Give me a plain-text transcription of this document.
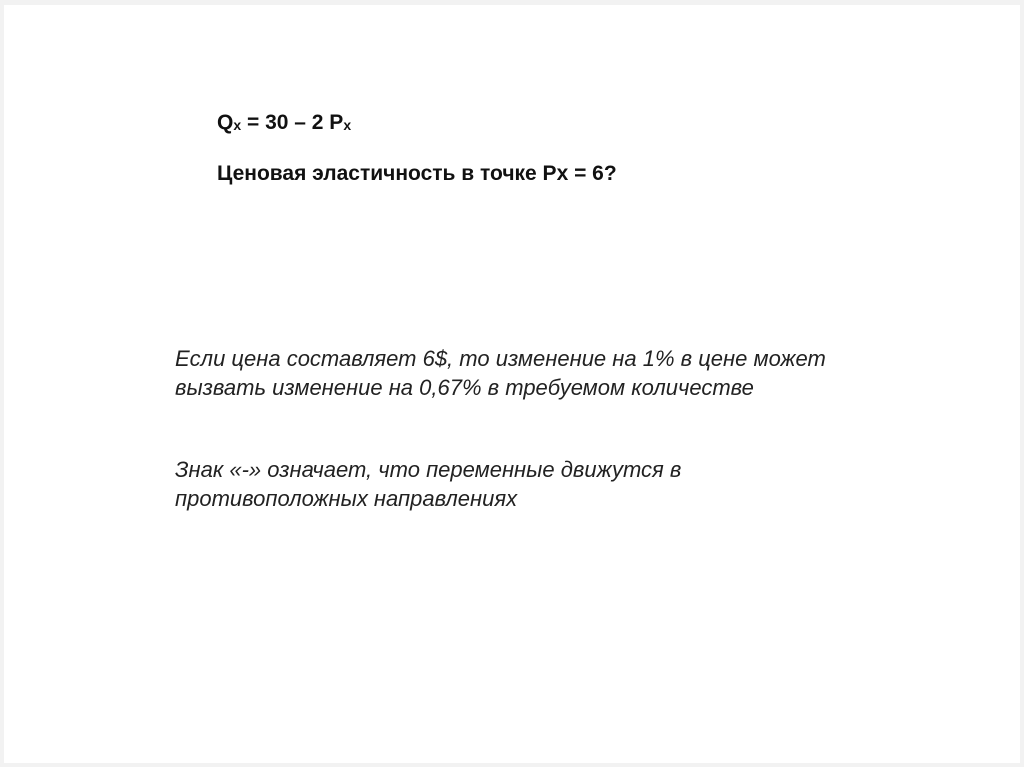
Qx = 30 – 2 Px
Ценовая эластичность в точке Px = 6?
Если цена составляет 6$, то изменение на 1% в цене может вызвать изменение на 0,67% в требуемом количестве
Знак «-» означает, что переменные движутся в противоположных направлениях
